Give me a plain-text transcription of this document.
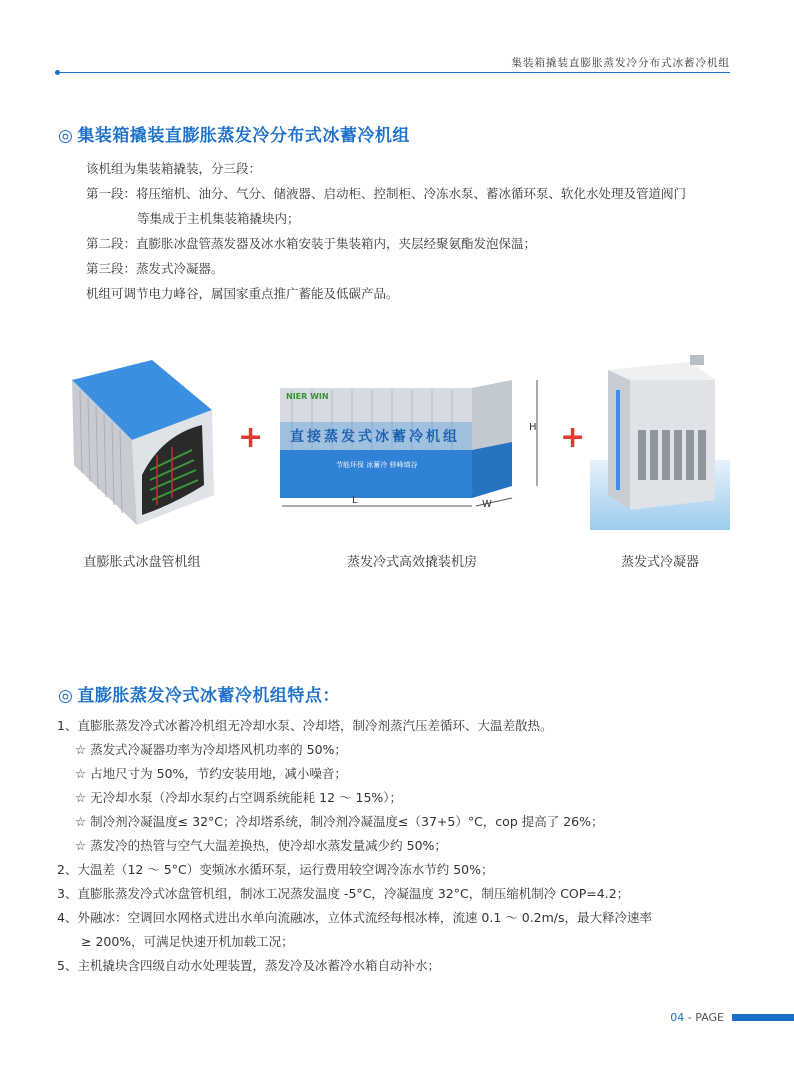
集装箱撬装直膨胀蒸发冷分布式冰蓄冷机组
◎ 集装箱撬装直膨胀蒸发冷分布式冰蓄冷机组

该机组为集装箱撬装，分三段：

第一段：将压缩机、油分、气分、储液器、启动柜、控制柜、冷冻水泵、蓄冰循环泵、软化水处理及管道阀门

等集成于主机集装箱撬块内；

第二段：直膨胀冰盘管蒸发器及冰水箱安装于集装箱内，夹层经聚氨酯发泡保温；

第三段：蒸发式冷凝器。

机组可调节电力峰谷，属国家重点推广蓄能及低碳产品。

+
NIER WIN
直接蒸发式冰蓄冷机组
节能环保 冰蓄冷 移峰填谷
H
L	W
+
直膨胀式冰盘管机组	蒸发冷式高效撬装机房	蒸发式冷凝器
◎ 直膨胀蒸发冷式冰蓄冷机组特点：

1、直膨胀蒸发冷式冰蓄冷机组无冷却水泵、冷却塔，制冷剂蒸汽压差循环、大温差散热。

☆ 蒸发式冷凝器功率为冷却塔风机功率的 50%；

☆ 占地尺寸为 50%，节约安装用地，减小噪音；

☆ 无冷却水泵（冷却水泵约占空调系统能耗 12 ～ 15%）；

☆ 制冷剂冷凝温度≤ 32°C；冷却塔系统，制冷剂冷凝温度≤（37+5）°C，cop 提高了 26%；

☆ 蒸发冷的热管与空气大温差换热，使冷却水蒸发量减少约 50%；

2、大温差（12 ～ 5°C）变频冰水循环泵，运行费用较空调冷冻水节约 50%；

3、直膨胀蒸发冷式冰盘管机组，制冰工况蒸发温度 -5°C，冷凝温度 32°C，制压缩机制冷 COP=4.2；

4、外融冰：空调回水网格式进出水单向流融冰，立体式流经每根冰棒，流速 0.1 ～ 0.2m/s，最大释冷速率

≥ 200%，可满足快速开机加载工况；

5、主机撬块含四级自动水处理装置，蒸发冷及冰蓄冷水箱自动补水；

04 - PAGE
